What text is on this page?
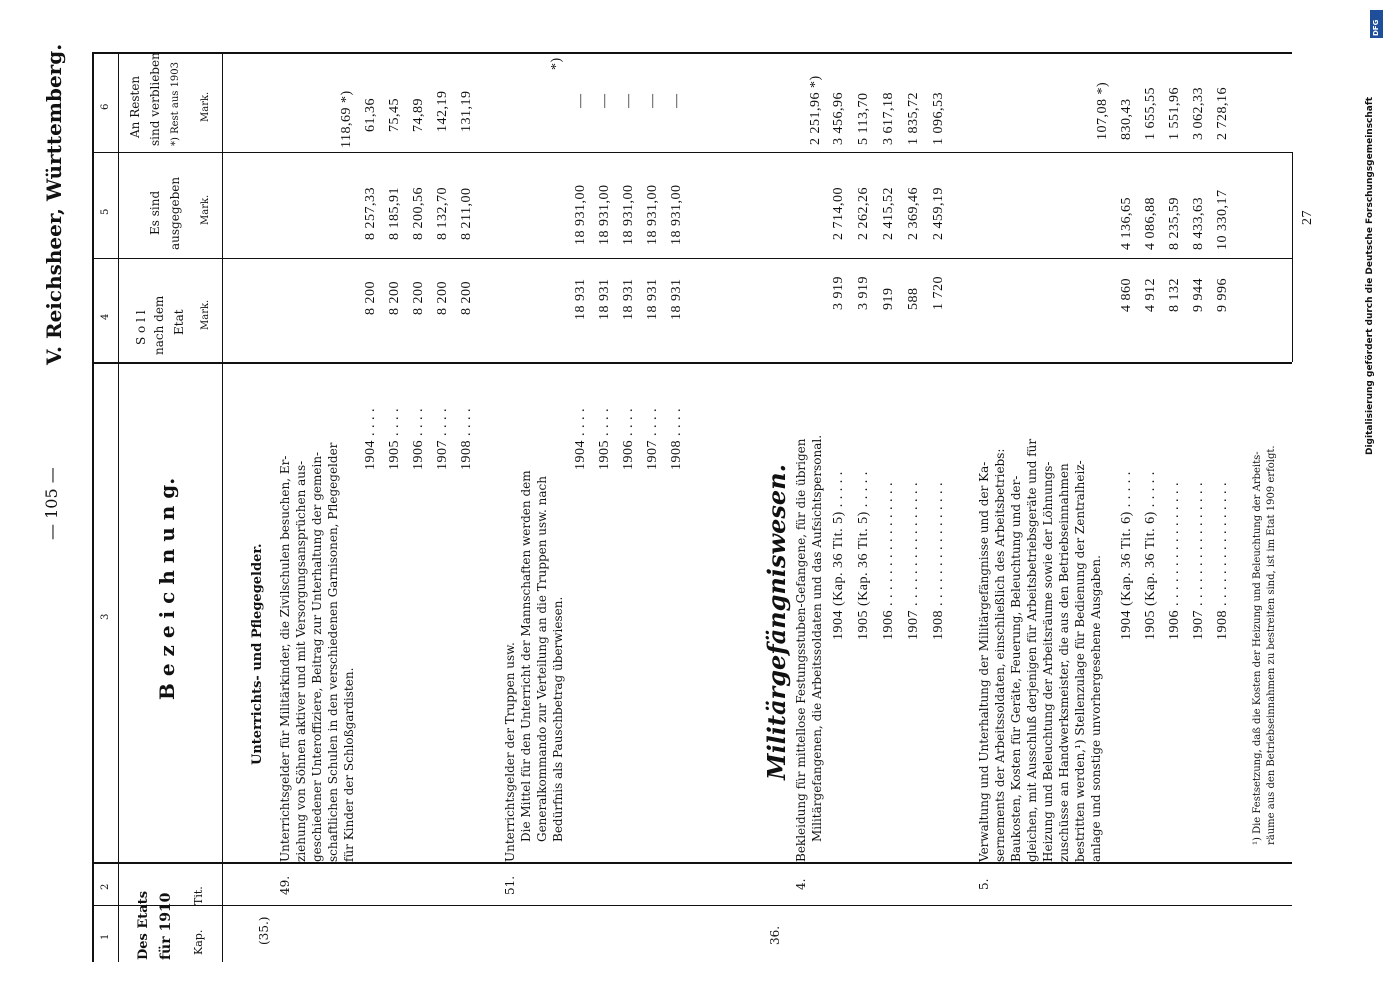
— 105 —
V. Reichsheer, Württemberg.
1
2
3
4
5
6
Des Etats für 1910 Kap.
Tit.
B e z e i c h n u n g.
S o l l nach dem Etat Mark.
Es sind ausgegeben Mark.
An Resten sind verblieben *) Rest aus 1903 Mark.
(35.)	36.
Unterrichts- und Pflegegelder.
49.
Unterrichtsgelder für Militärkinder, die Zivilschulen besuchen, Er- ziehung von Söhnen aktiver und mit Versorgungsansprüchen aus- geschiedener Unteroffiziere, Beitrag zur Unterhaltung der gemein- schaftlichen Schulen in den verschiedenen Garnisonen, Pflegegelder für Kinder der Schloßgardisten.
1904 . . . . 1905 . . . . 1906 . . . . 1907 . . . . 1908 . . . .
8 200 8 200 8 200 8 200 8 200
8 257,33 8 185,91 8 200,56 8 132,70 8 211,00
118,69 *) 61,36 75,45 74,89 142,19 131,19
51.
Unterrichtsgelder der Truppen usw. Die Mittel für den Unterricht der Mannschaften werden dem Generalkommando zur Verteilung an die Truppen usw. nach Bedürfnis als Pauschbetrag überwiesen.
1904 . . . . 1905 . . . . 1906 . . . . 1907 . . . . 1908 . . . .
18 931 18 931 18 931 18 931 18 931
18 931,00 18 931,00 18 931,00 18 931,00 18 931,00
*)
— — — — —
Militärgefängniswesen.
4.
Bekleidung für mittellose Festungsstuben-Gefangene, für die übrigen Militärgefangenen, die Arbeitssoldaten und das Aufsichtspersonal. 1904 (Kap. 36 Tit. 5) . . . . . 1905 (Kap. 36 Tit. 5) . . . . . 1906 . . . . . . . . . . . . . . . . 1907 . . . . . . . . . . . . . . . . 1908 . . . . . . . . . . . . . . . .
3 919 3 919 919 588 1 720
2 714,00 2 262,26 2 415,52 2 369,46 2 459,19
2 251,96 *) 3 456,96 5 113,70 3 617,18 1 835,72 1 096,53
5.
Verwaltung und Unterhaltung der Militärgefängnisse und der Ka- sernements der Arbeitssoldaten, einschließlich des Arbeitsbetriebs: Baukosten, Kosten für Geräte, Feuerung, Beleuchtung und der- gleichen, mit Ausschluß derjenigen für Arbeitsbetriebsgeräte und für Heizung und Beleuchtung der Arbeitsräume sowie der Löhnungs- zuschüsse an Handwerksmeister, die aus den Betriebseinnahmen bestritten werden,¹) Stellenzulage für Bedienung der Zentralheiz- anlage und sonstige unvorhergesehene Ausgaben. 1904 (Kap. 36 Tit. 6) . . . . . 1905 (Kap. 36 Tit. 6) . . . . . 1906 . . . . . . . . . . . . . . . . 1907 . . . . . . . . . . . . . . . . 1908 . . . . . . . . . . . . . . . .
4 860 4 912 8 132 9 944 9 996
4 136,65 4 086,88 8 235,59 8 433,63 10 330,17
107,08 *) 830,43 1 655,55 1 551,96 3 062,33 2 728,16
¹) Die Festsetzung, daß die Kosten der Heizung und Beleuchtung der Arbeits- räume aus den Betriebseinnahmen zu bestreiten sind, ist im Etat 1909 erfolgt.
27	Digitalisierung gefördert durch die Deutsche Forschungsgemeinschaft
DFG
